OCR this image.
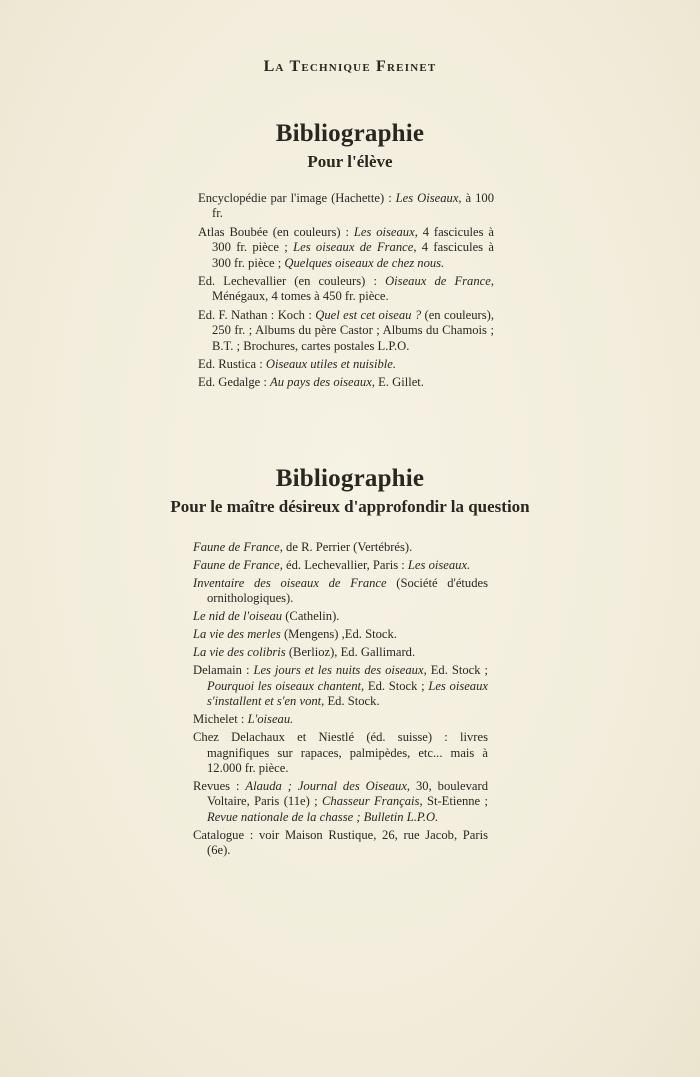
La Technique Freinet
Bibliographie
Pour l'élève
Encyclopédie par l'image (Hachette) : Les Oiseaux, à 100 fr.
Atlas Boubée (en couleurs) : Les oiseaux, 4 fascicules à 300 fr. pièce ; Les oiseaux de France, 4 fascicules à 300 fr. pièce ; Quelques oiseaux de chez nous.
Ed. Lechevallier (en couleurs) : Oiseaux de France, Ménégaux, 4 tomes à 450 fr. pièce.
Ed. F. Nathan : Koch : Quel est cet oiseau ? (en couleurs), 250 fr. ; Albums du père Castor ; Albums du Chamois ; B.T. ; Brochures, cartes postales L.P.O.
Ed. Rustica : Oiseaux utiles et nuisible.
Ed. Gedalge : Au pays des oiseaux, E. Gillet.
Bibliographie
Pour le maître désireux d'approfondir la question
Faune de France, de R. Perrier (Vertébrés).
Faune de France, éd. Lechevallier, Paris : Les oiseaux.
Inventaire des oiseaux de France (Société d'études ornithologiques).
Le nid de l'oiseau (Cathelin).
La vie des merles (Mengens) ,Ed. Stock.
La vie des colibris (Berlioz), Ed. Gallimard.
Delamain : Les jours et les nuits des oiseaux, Ed. Stock ; Pourquoi les oiseaux chantent, Ed. Stock ; Les oiseaux s'installent et s'en vont, Ed. Stock.
Michelet : L'oiseau.
Chez Delachaux et Niestlé (éd. suisse) : livres magnifiques sur rapaces, palmipèdes, etc... mais à 12.000 fr. pièce.
Revues : Alauda ; Journal des Oiseaux, 30, boulevard Voltaire, Paris (11e) ; Chasseur Français, St-Etienne ; Revue nationale de la chasse ; Bulletin L.P.O.
Catalogue : voir Maison Rustique, 26, rue Jacob, Paris (6e).
